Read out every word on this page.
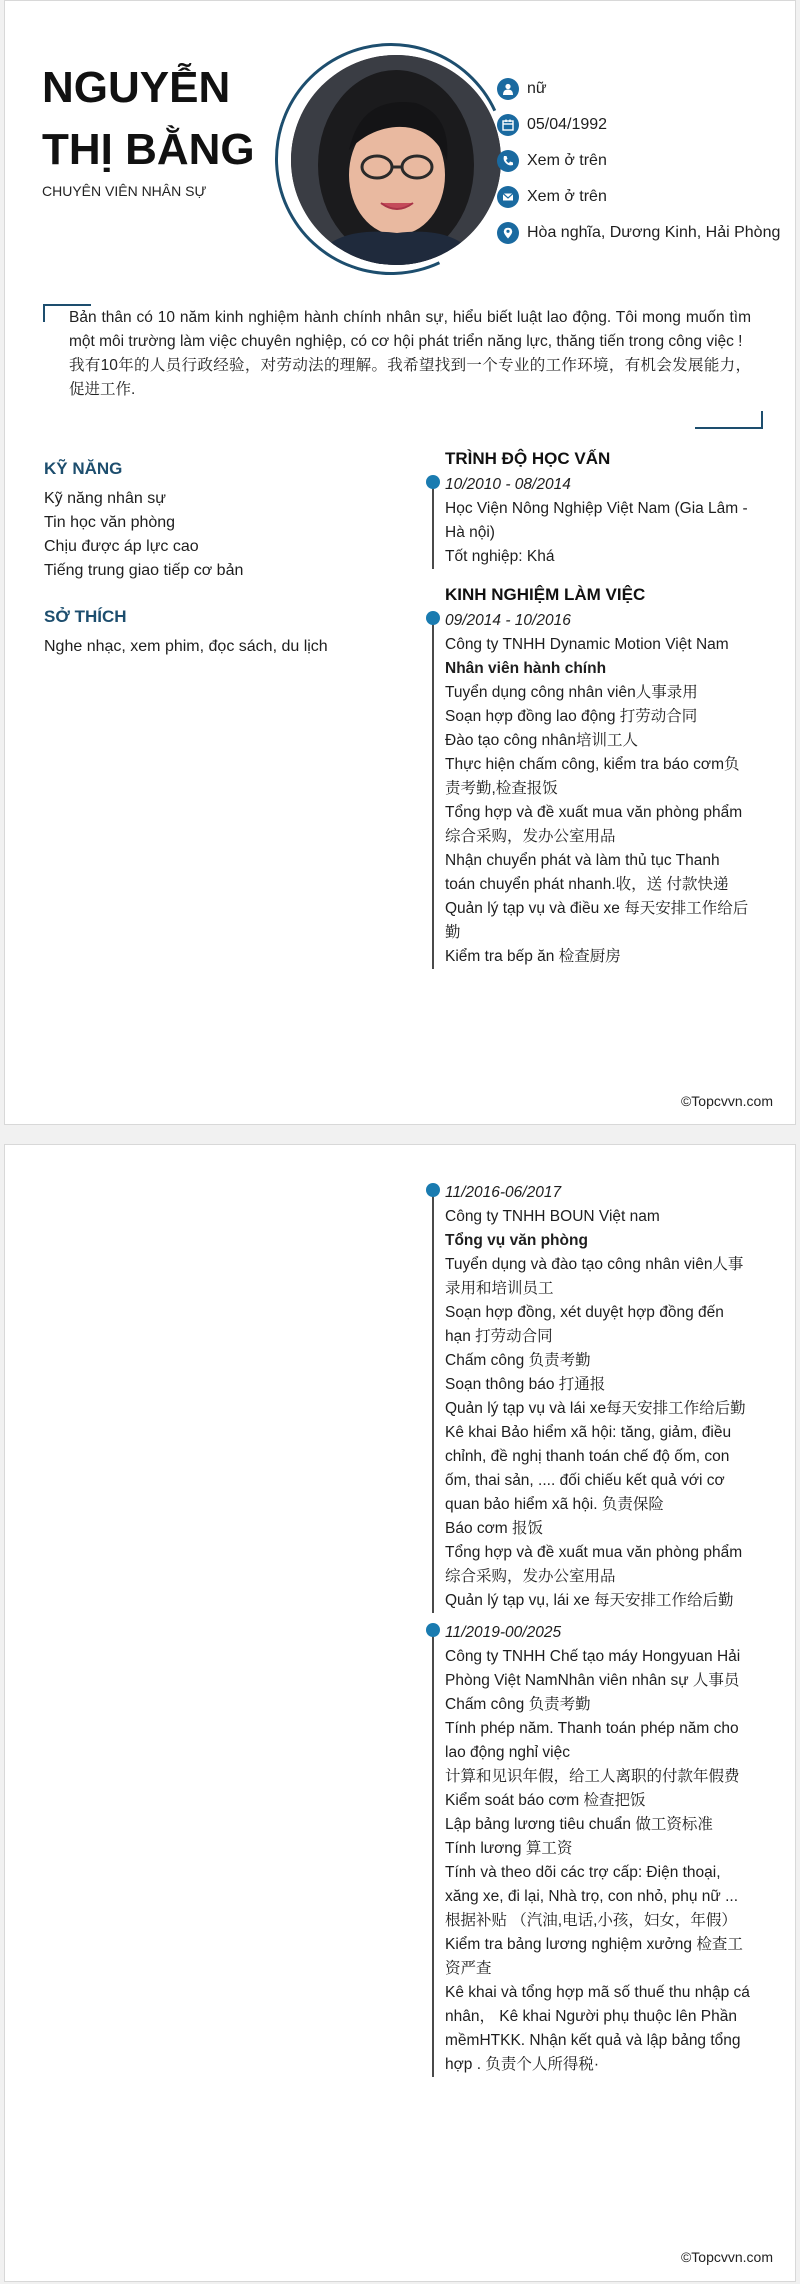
NGUYỄN
THỊ BẰNG
CHUYÊN VIÊN NHÂN SỰ
nữ
05/04/1992
Xem ở trên
Xem ở trên
Hòa nghĩa, Dương Kinh, Hải Phòng

Bản thân có 10 năm kinh nghiệm hành chính nhân sự, hiểu biết luật lao động. Tôi mong muốn tìm một môi trường làm việc chuyên nghiệp, có cơ hội phát triển năng lực, thăng tiến trong công việc !

我有10年的人员行政经验，对劳动法的理解。我希望找到一个专业的工作环境，有机会发展能力，促进工作.

KỸ NĂNG
Kỹ năng nhân sự
Tin học văn phòng
Chịu được áp lực cao
Tiếng trung giao tiếp cơ bản
SỞ THÍCH
Nghe nhạc, xem phim, đọc sách, du lịch
TRÌNH ĐỘ HỌC VẤN
10/2010 - 08/2014
Học Viện Nông Nghiệp Việt Nam (Gia Lâm -
Hà nội)
Tốt nghiệp: Khá
KINH NGHIỆM LÀM VIỆC
09/2014 - 10/2016
Công ty TNHH Dynamic Motion Việt Nam
Nhân viên hành chính
Tuyển dụng công nhân viên人事录用
Soạn hợp đồng lao động 打劳动合同
Đào tạo công nhân培训工人
Thực hiện chấm công, kiểm tra báo cơm负
责考勤,检查报饭
Tổng hợp và đề xuất mua văn phòng phẩm
综合采购，发办公室用品
Nhận chuyển phát và làm thủ tục Thanh
toán chuyển phát nhanh.收，送 付款快递
Quản lý tạp vụ và điều xe 每天安排工作给后
勤
Kiểm tra bếp ăn 检查厨房
©Topcvvn.com
11/2016-06/2017
Công ty TNHH BOUN Việt nam
Tổng vụ văn phòng
Tuyển dụng và đào tạo công nhân viên人事
录用和培训员工
Soạn hợp đồng, xét duyệt hợp đồng đến
hạn 打劳动合同
Chấm công 负责考勤
Soạn thông báo 打通报
Quản lý tạp vụ và lái xe每天安排工作给后勤
Kê khai Bảo hiểm xã hội: tăng, giảm, điều
chỉnh, đề nghị thanh toán chế độ ốm, con
ốm, thai sản, .... đối chiếu kết quả với cơ
quan bảo hiểm xã hội. 负责保险
Báo cơm 报饭
Tổng hợp và đề xuất mua văn phòng phẩm
综合采购，发办公室用品
Quản lý tạp vụ, lái xe 每天安排工作给后勤
11/2019-00/2025
Công ty TNHH Chế tạo máy Hongyuan Hải
Phòng Việt NamNhân viên nhân sự 人事员
Chấm công 负责考勤
Tính phép năm. Thanh toán phép năm cho
lao động nghỉ việc
计算和见识年假，给工人离职的付款年假费
Kiểm soát báo cơm 检查把饭
Lập bảng lương tiêu chuẩn 做工资标准
Tính lương 算工资
Tính và theo dõi các trợ cấp: Điện thoại,
xăng xe, đi lại, Nhà trọ, con nhỏ, phụ nữ ...
根据补贴 （汽油,电话,小孩，妇女，年假）
Kiểm tra bảng lương nghiệm xưởng 检查工
资严查
Kê khai và tổng hợp mã số thuế thu nhập cá
nhân， Kê khai Người phụ thuộc lên Phần
mềmHTKK. Nhận kết quả và lập bảng tổng
hợp . 负责个人所得税·
©Topcvvn.com
